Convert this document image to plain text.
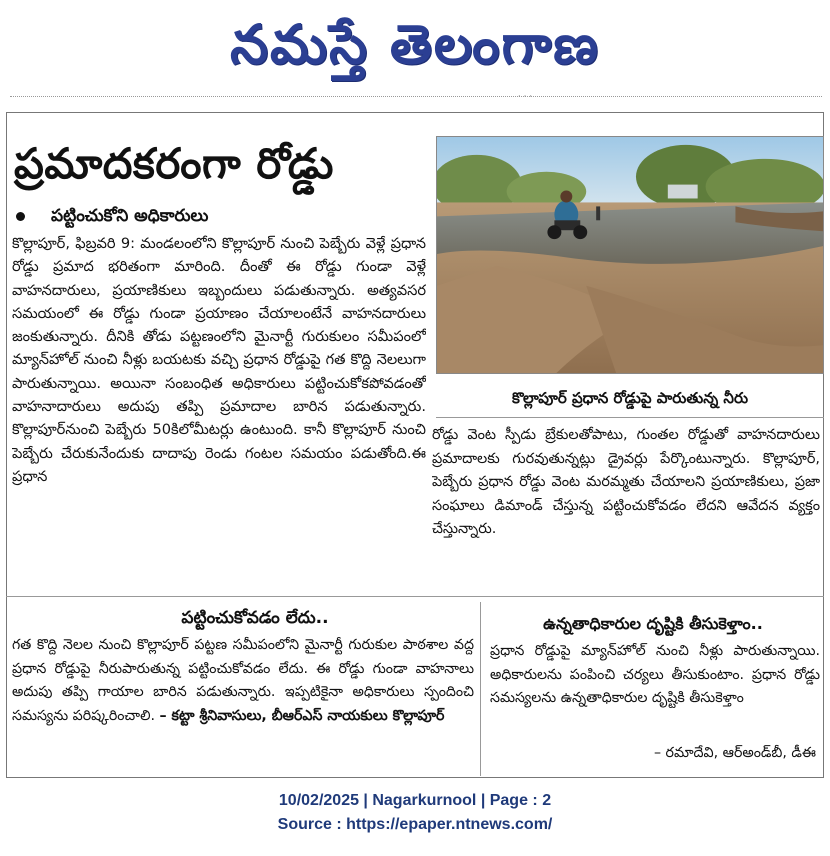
నమస్తే తెలంగాణ
· · ·
ప్రమాదకరంగా రోడ్డు
పట్టించుకోని అధికారులు
కొల్లాపూర్, ఫిబ్రవరి 9: మండలంలోని కొల్లాపూర్ నుంచి పెబ్బేరు వెళ్లే ప్రధాన రోడ్డు ప్రమాద భరితంగా మారింది. దీంతో ఈ రోడ్డు గుండా వెళ్లే వాహనదారులు, ప్రయాణికులు ఇబ్బందులు పడుతున్నారు. అత్యవసర సమయంలో ఈ రోడ్డు గుండా ప్రయాణం చేయాలంటేనే వాహనదారులు జంకుతున్నారు. దీనికి తోడు పట్టణంలోని మైనార్టీ గురుకులం సమీపంలో మ్యాన్‌హోల్ నుంచి నీళ్లు బయటకు వచ్చి ప్రధాన రోడ్డుపై గత కొద్ది నెలలుగా పారుతున్నాయి. అయినా సంబంధిత అధికారులు పట్టించుకోకపోవడంతో వాహనాదారులు అదుపు తప్పి ప్రమాదాల బారిన పడుతున్నారు. కొల్లాపూర్‌నుంచి పెబ్బేరు 50కిలోమీటర్లు ఉంటుంది. కానీ కొల్లాపూర్ నుంచి పెబ్బేరు చేరుకునేందుకు దాదాపు రెండు గంటల సమయం పడుతోంది.ఈ ప్రధాన
కొల్లాపూర్ ప్రధాన రోడ్డుపై పారుతున్న నీరు
రోడ్డు వెంట స్పీడు బ్రేకులతోపాటు, గుంతల రోడ్డుతో వాహనదారులు ప్రమాదాలకు గురవుతున్నట్లు డ్రైవర్లు పేర్కొంటున్నారు. కొల్లాపూర్, పెబ్బేరు ప్రధాన రోడ్డు వెంట మరమ్మతు చేయాలని ప్రయాణికులు, ప్రజా సంఘాలు డిమాండ్ చేస్తున్న పట్టించుకోవడం లేదని ఆవేదన వ్యక్తం చేస్తున్నారు.
పట్టించుకోవడం లేదు..
గత కొద్ది నెలల నుంచి కొల్లాపూర్ పట్టణ సమీపంలోని మైనార్టీ గురుకుల పాఠశాల వద్ద ప్రధాన రోడ్డుపై నీరుపారుతున్న పట్టించుకోవడం లేదు. ఈ రోడ్డు గుండా వాహనాలు అదుపు తప్పి గాయాల బారిన పడుతున్నారు. ఇప్పటికైనా అధికారులు స్పందించి సమస్యను పరిష్కరించాలి. – కట్టా శ్రీనివాసులు, బీఆర్‌ఎస్ నాయకులు కొల్లాపూర్
ఉన్నతాధికారుల దృష్టికి తీసుకెళ్తాం..
ప్రధాన రోడ్డుపై మ్యాన్‌హోల్ నుంచి నీళ్లు పారుతున్నాయి. అధికారులను పంపించి చర్యలు తీసుకుంటాం. ప్రధాన రోడ్డు సమస్యలను ఉన్నతాధికారుల దృష్టికి తీసుకెళ్తాం
– రమాదేవి, ఆర్‌అండ్‌బీ, డీఈ
10/02/2025 | Nagarkurnool | Page : 2
Source : https://epaper.ntnews.com/
